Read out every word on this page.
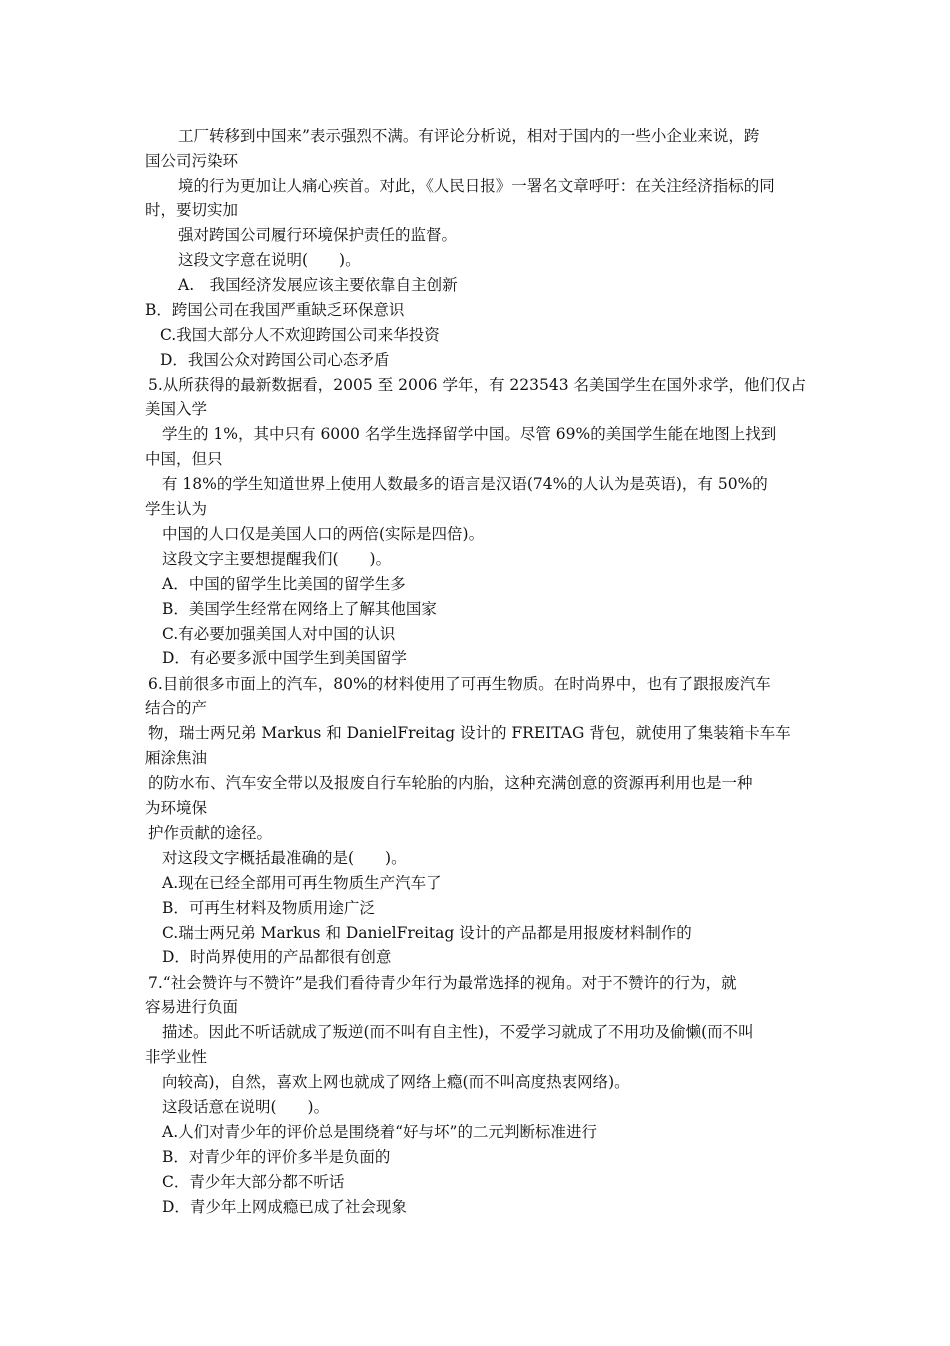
工厂转移到中国来”表示强烈不满。有评论分析说，相对于国内的一些小企业来说，跨
国公司污染环
境的行为更加让人痛心疾首。对此，《人民日报》一署名文章呼吁：在关注经济指标的同
时，要切实加
强对跨国公司履行环境保护责任的监督。
这段文字意在说明(　　)。
A.　我国经济发展应该主要依靠自主创新
B．跨国公司在我国严重缺乏环保意识
C.我国大部分人不欢迎跨国公司来华投资
D．我国公众对跨国公司心态矛盾
5.从所获得的最新数据看，2005 至 2006 学年，有 223543 名美国学生在国外求学，他们仅占
美国入学
学生的 1%，其中只有 6000 名学生选择留学中国。尽管 69%的美国学生能在地图上找到
中国，但只
有 18%的学生知道世界上使用人数最多的语言是汉语(74%的人认为是英语)，有 50%的
学生认为
中国的人口仅是美国人口的两倍(实际是四倍)。
这段文字主要想提醒我们(　　)。
A．中国的留学生比美国的留学生多
B．美国学生经常在网络上了解其他国家
C.有必要加强美国人对中国的认识
D．有必要多派中国学生到美国留学
6.目前很多市面上的汽车，80%的材料使用了可再生物质。在时尚界中，也有了跟报废汽车
结合的产
物，瑞士两兄弟 Markus 和 DanielFreitag 设计的 FREITAG 背包，就使用了集装箱卡车车
厢涂焦油
的防水布、汽车安全带以及报废自行车轮胎的内胎，这种充满创意的资源再利用也是一种
为环境保
护作贡献的途径。
对这段文字概括最准确的是(　　)。
A.现在已经全部用可再生物质生产汽车了
B．可再生材料及物质用途广泛
C.瑞士两兄弟 Markus 和 DanielFreitag 设计的产品都是用报废材料制作的
D．时尚界使用的产品都很有创意
7.“社会赞许与不赞许”是我们看待青少年行为最常选择的视角。对于不赞许的行为，就
容易进行负面
描述。因此不听话就成了叛逆(而不叫有自主性)，不爱学习就成了不用功及偷懒(而不叫
非学业性
向较高)，自然，喜欢上网也就成了网络上瘾(而不叫高度热衷网络)。
这段话意在说明(　　)。
A.人们对青少年的评价总是围绕着“好与坏”的二元判断标准进行
B．对青少年的评价多半是负面的
C．青少年大部分都不听话
D．青少年上网成瘾已成了社会现象
